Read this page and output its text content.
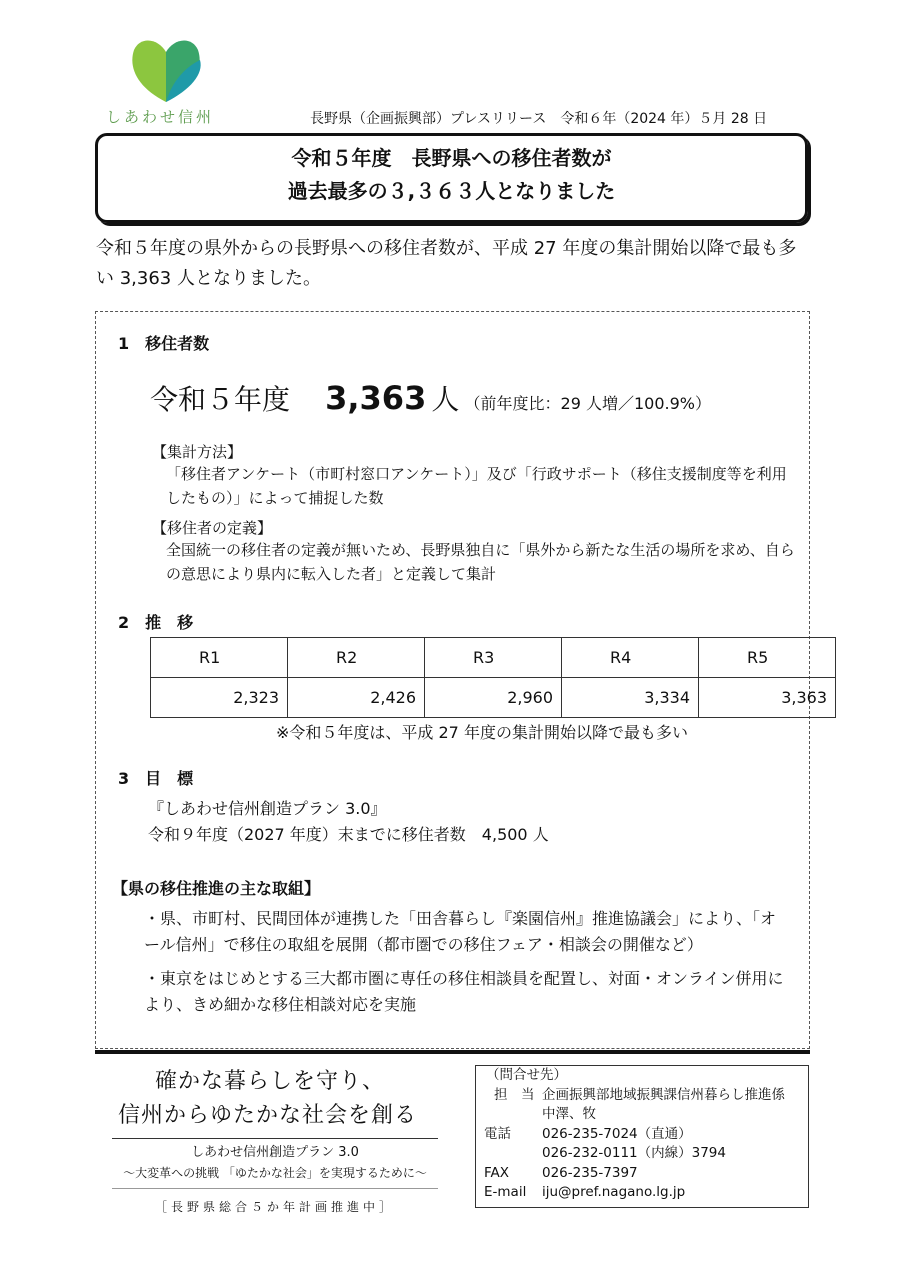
しあわせ信州	長野県（企画振興部）プレスリリース　 令和６年（2024 年）５月 28 日
令和５年度　長野県への移住者数が
過去最多の３,３６３人となりました
令和５年度の県外からの長野県への移住者数が、平成 27 年度の集計開始以降で最も多い 3,363 人となりました。
1　移住者数
令和５年度 3,363 人 （前年度比：29 人増／100.9%）
【集計方法】
「移住者アンケート（市町村窓口アンケート）」及び「行政サポート（移住支援制度等を利用したもの）」によって捕捉した数
【移住者の定義】
全国統一の移住者の定義が無いため、長野県独自に「県外から新たな生活の場所を求め、自らの意思により県内に転入した者」と定義して集計
2　推　移
R1	R2	R3	R4	R5
2,323	2,426	2,960	3,334	3,363
※令和５年度は、平成 27 年度の集計開始以降で最も多い
3　目　標
『しあわせ信州創造プラン 3.0』
令和９年度（2027 年度）末までに移住者数　4,500 人
【県の移住推進の主な取組】
・県、市町村、民間団体が連携した「田舎暮らし『楽園信州』推進協議会」により、「オール信州」で移住の取組を展開（都市圏での移住フェア・相談会の開催など）
・東京をはじめとする三大都市圏に専任の移住相談員を配置し、対面・オンライン併用により、きめ細かな移住相談対応を実施
確かな暮らしを守り、
信州からゆたかな社会を創る
しあわせ信州創造プラン 3.0
～大変革への挑戦 「ゆたかな社会」を実現するために～
［長野県総合５か年計画推進中］
（問合せ先）
担　当 企画振興部地域振興課信州暮らし推進係
中澤、牧
電話 026-235-7024（直通）
026-232-0111（内線）3794
FAX 026-235-7397
E-mail iju@pref.nagano.lg.jp
